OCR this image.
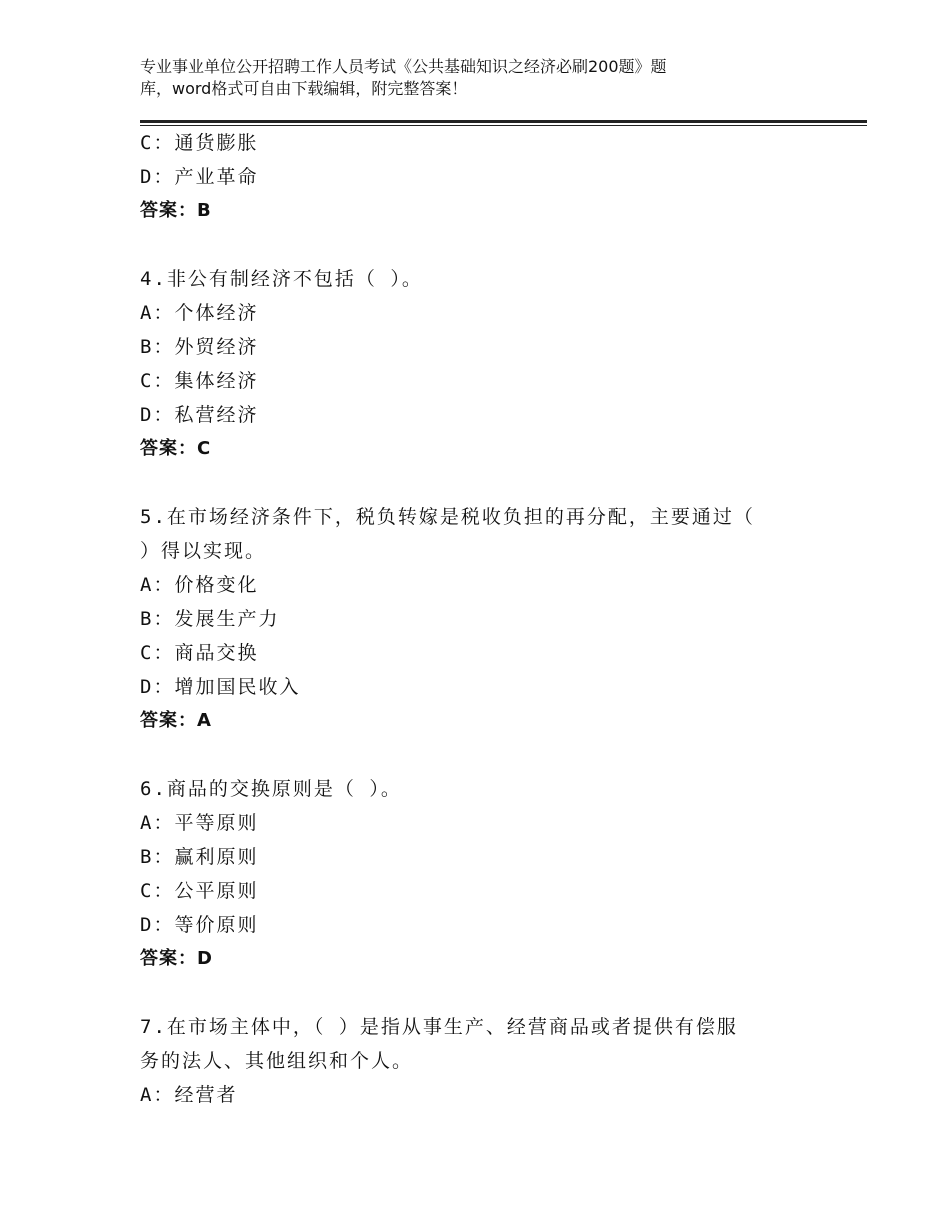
专业事业单位公开招聘工作人员考试《公共基础知识之经济必刷200题》题
库，word格式可自由下载编辑，附完整答案！
C：通货膨胀
D：产业革命
答案：B
4.非公有制经济不包括（ ）。
A：个体经济
B：外贸经济
C：集体经济
D：私营经济
答案：C
5.在市场经济条件下，税负转嫁是税收负担的再分配，主要通过（
）得以实现。
A：价格变化
B：发展生产力
C：商品交换
D：增加国民收入
答案：A
6.商品的交换原则是（ ）。
A：平等原则
B：赢利原则
C：公平原则
D：等价原则
答案：D
7.在市场主体中，（ ）是指从事生产、经营商品或者提供有偿服
务的法人、其他组织和个人。
A：经营者
